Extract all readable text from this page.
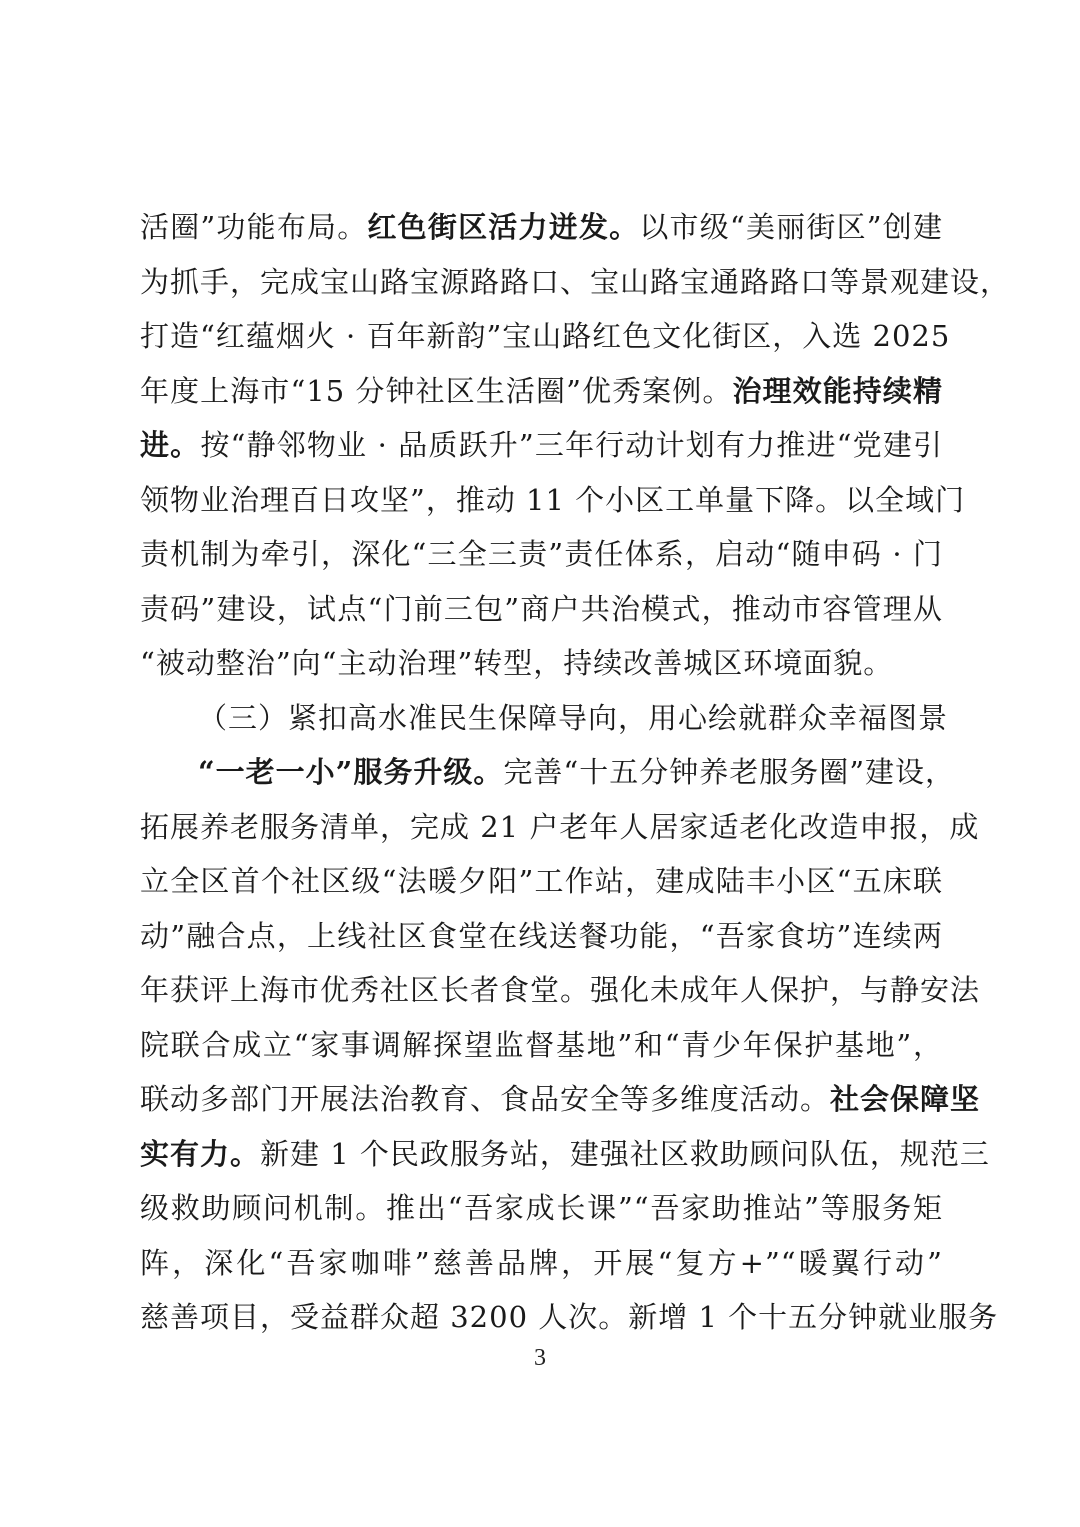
活圈”功能布局。红色街区活力迸发。以市级“美丽街区”创建
为抓手，完成宝山路宝源路路口、宝山路宝通路路口等景观建设，
打造“红蕴烟火 · 百年新韵”宝山路红色文化街区，入选 2025
年度上海市“15 分钟社区生活圈”优秀案例。治理效能持续精
进。按“静邻物业 · 品质跃升”三年行动计划有力推进“党建引
领物业治理百日攻坚”，推动 11 个小区工单量下降。以全域门
责机制为牵引，深化“三全三责”责任体系，启动“随申码 · 门
责码”建设，试点“门前三包”商户共治模式，推动市容管理从
“被动整治”向“主动治理”转型，持续改善城区环境面貌。
（三）紧扣高水准民生保障导向，用心绘就群众幸福图景
“一老一小”服务升级。完善“十五分钟养老服务圈”建设，
拓展养老服务清单，完成 21 户老年人居家适老化改造申报，成
立全区首个社区级“法暖夕阳”工作站，建成陆丰小区“五床联
动”融合点，上线社区食堂在线送餐功能，“吾家食坊”连续两
年获评上海市优秀社区长者食堂。强化未成年人保护，与静安法
院联合成立“家事调解探望监督基地”和“青少年保护基地”，
联动多部门开展法治教育、食品安全等多维度活动。社会保障坚
实有力。新建 1 个民政服务站，建强社区救助顾问队伍，规范三
级救助顾问机制。推出“吾家成长课”“吾家助推站”等服务矩
阵，深化“吾家咖啡”慈善品牌，开展“复方+”“暖翼行动”
慈善项目，受益群众超 3200 人次。新增 1 个十五分钟就业服务
3
